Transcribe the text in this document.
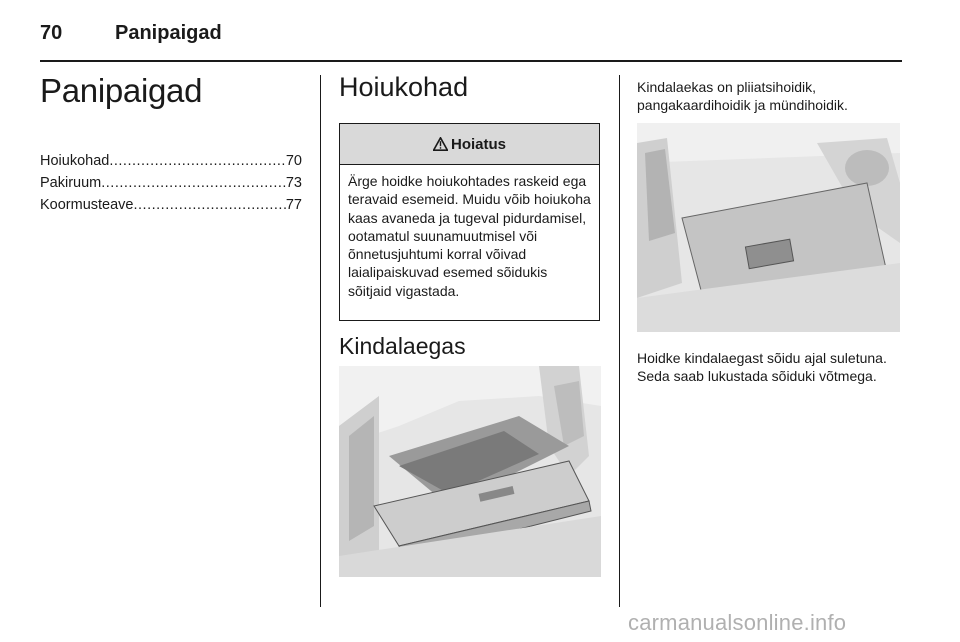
70	Panipaigad
Panipaigad
Hoiukohad .....	70
Pakiruum .....	73
Koormusteave .....	77
Hoiukohad
Hoiatus
Ärge hoidke hoiukohtades raskeid ega teravaid esemeid. Muidu võib hoiukoha kaas avaneda ja tugeval pidurdamisel, ootamatul suunamuutmisel või õnnetusjuhtumi korral võivad laialipaiskuvad esemed sõidukis sõitjaid vigastada.
Kindalaegas
Kindalaekas on pliiatsihoidik, pangakaardihoidik ja mündihoidik.
Hoidke kindalaegast sõidu ajal suletuna. Seda saab lukustada sõiduki võtmega.
carmanualsonline.info
